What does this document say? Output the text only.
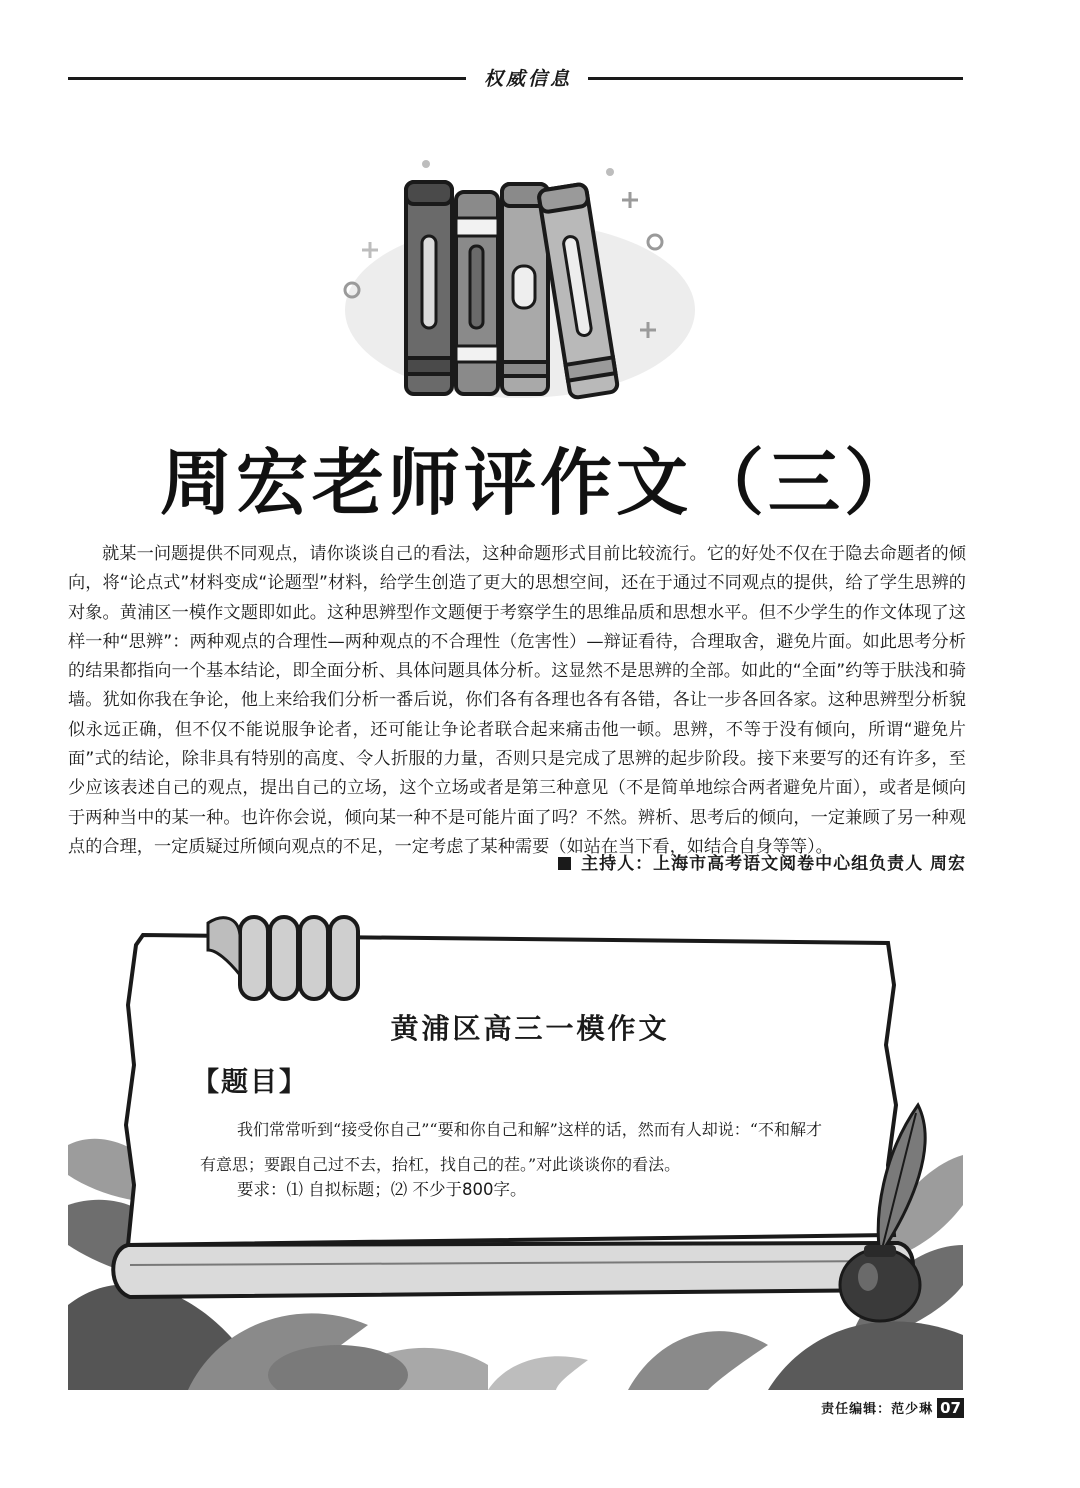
权威信息
周宏老师评作文（三）

就某一问题提供不同观点，请你谈谈自己的看法，这种命题形式目前比较流行。它的好处不仅在于隐去命题者的倾向，将“论点式”材料变成“论题型”材料，给学生创造了更大的思想空间，还在于通过不同观点的提供，给了学生思辨的对象。黄浦区一模作文题即如此。这种思辨型作文题便于考察学生的思维品质和思想水平。但不少学生的作文体现了这样一种“思辨”：两种观点的合理性—两种观点的不合理性（危害性）—辩证看待，合理取舍，避免片面。如此思考分析的结果都指向一个基本结论，即全面分析、具体问题具体分析。这显然不是思辨的全部。如此的“全面”约等于肤浅和骑墙。犹如你我在争论，他上来给我们分析一番后说，你们各有各理也各有各错，各让一步各回各家。这种思辨型分析貌似永远正确，但不仅不能说服争论者，还可能让争论者联合起来痛击他一顿。思辨，不等于没有倾向，所谓“避免片面”式的结论，除非具有特别的高度、令人折服的力量，否则只是完成了思辨的起步阶段。接下来要写的还有许多，至少应该表述自己的观点，提出自己的立场，这个立场或者是第三种意见（不是简单地综合两者避免片面），或者是倾向于两种当中的某一种。也许你会说，倾向某一种不是可能片面了吗？不然。辨析、思考后的倾向，一定兼顾了另一种观点的合理，一定质疑过所倾向观点的不足，一定考虑了某种需要（如站在当下看，如结合自身等等）。

主持人：上海市高考语文阅卷中心组负责人 周宏
黄浦区高三一模作文
【题目】

我们常常听到“接受你自己”“要和你自己和解”这样的话，然而有人却说：“不和解才有意思；要跟自己过不去，抬杠，找自己的茬。”对此谈谈你的看法。

要求：⑴ 自拟标题；⑵ 不少于800字。
责任编辑：范少琳 07
